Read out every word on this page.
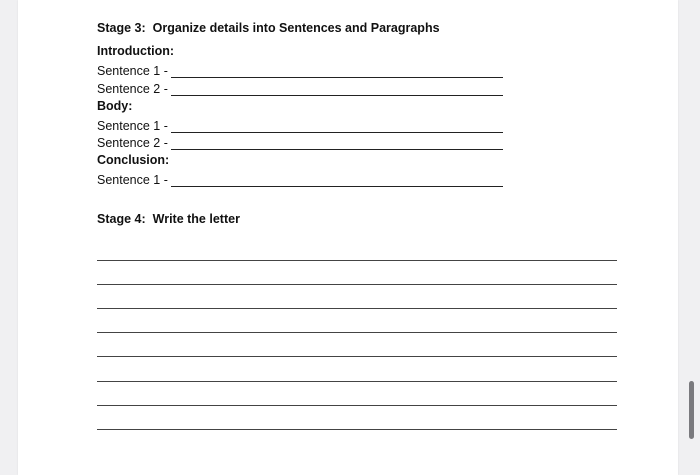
Stage 3: Organize details into Sentences and Paragraphs
Introduction:
Sentence 1 -
Sentence 2 -
Body:
Sentence 1 -
Sentence 2 -
Conclusion:
Sentence 1 -
Stage 4: Write the letter
